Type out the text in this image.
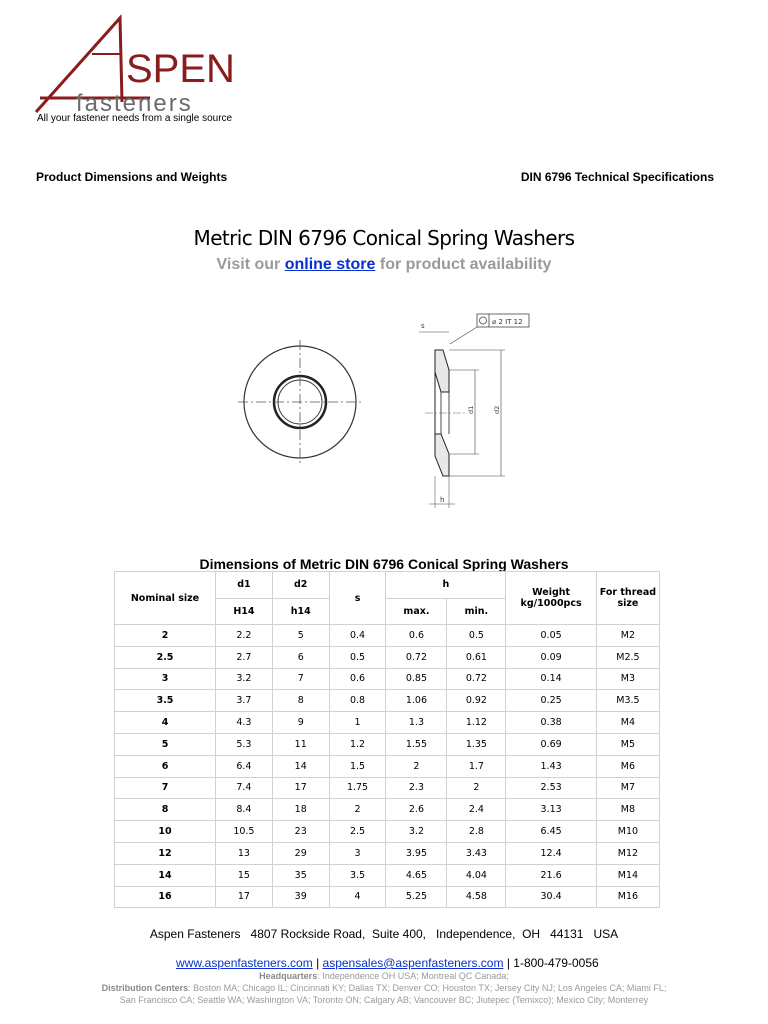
SPEN
fasteners
All your fastener needs from a single source
Product Dimensions and Weights	DIN 6796 Technical Specifications
Metric DIN 6796 Conical Spring Washers
Visit our online store for product availability
⌀ 2 IT 12
s
d1	d2
h
Dimensions of Metric DIN 6796 Conical Spring Washers
Nominal size	d1	d2	s	h		Weight kg/1000pcs	For thread size
	H14	h14		max.	min.		
2	2.2	5	0.4	0.6	0.5	0.05	M2
2.5	2.7	6	0.5	0.72	0.61	0.09	M2.5
3	3.2	7	0.6	0.85	0.72	0.14	M3
3.5	3.7	8	0.8	1.06	0.92	0.25	M3.5
4	4.3	9	1	1.3	1.12	0.38	M4
5	5.3	11	1.2	1.55	1.35	0.69	M5
6	6.4	14	1.5	2	1.7	1.43	M6
7	7.4	17	1.75	2.3	2	2.53	M7
8	8.4	18	2	2.6	2.4	3.13	M8
10	10.5	23	2.5	3.2	2.8	6.45	M10
12	13	29	3	3.95	3.43	12.4	M12
14	15	35	3.5	4.65	4.04	21.6	M14
16	17	39	4	5.25	4.58	30.4	M16
Aspen Fasteners   4807 Rockside Road,  Suite 400,   Independence,  OH   44131   USA

www.aspenfasteners.com | aspensales@aspenfasteners.com | 1-800-479-0056

Headquarters: Independence OH USA; Montreal QC Canada;
Distribution Centers: Boston MA; Chicago IL; Cincinnati KY; Dallas TX; Denver CO; Houston TX; Jersey City NJ; Los Angeles CA; Miami FL;
San Francisco CA; Seattle WA; Washington VA; Toronto ON; Calgary AB; Vancouver BC; Jiutepec (Temixco); Mexico City; Monterrey
